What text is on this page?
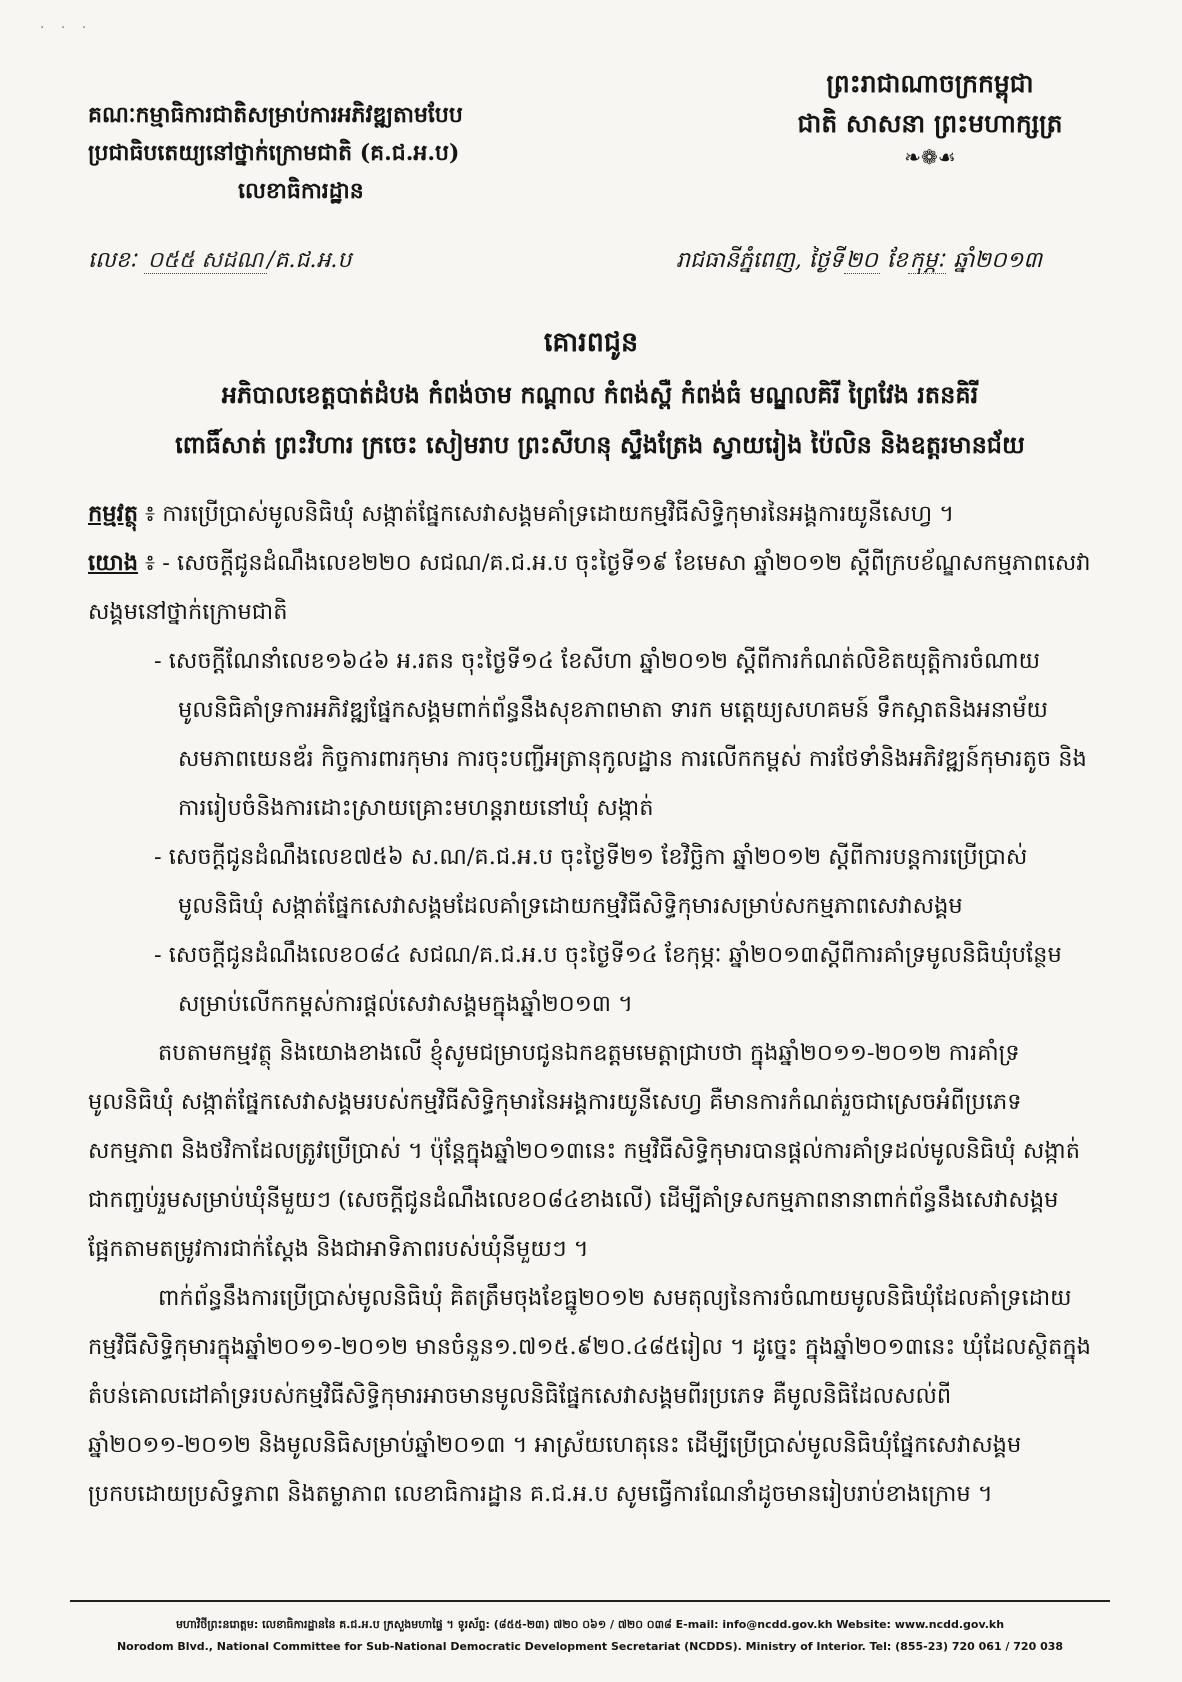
· · ·
ព្រះរាជាណាចក្រកម្ពុជា
ជាតិ សាសនា ព្រះមហាក្សត្រ
❧❁☙
គណៈកម្មាធិការជាតិសម្រាប់ការអភិវឌ្ឍតាមបែប
ប្រជាធិបតេយ្យនៅថ្នាក់ក្រោមជាតិ (គ.ជ.អ.ប)
លេខាធិការដ្ឋាន
លេខៈ ០៥៥ សដណ /គ.ជ.អ.ប	រាជធានីភ្នំពេញ, ថ្ងៃទី២០ ខែកុម្ភៈ ឆ្នាំ២០១៣
គោរពជូន
អភិបាលខេត្តបាត់ដំបង កំពង់ចាម កណ្តាល កំពង់ស្ពឺ កំពង់ធំ មណ្ឌលគិរី ព្រៃវែង រតនគិរី
ពោធិ៍សាត់ ព្រះវិហារ ក្រចេះ សៀមរាប ព្រះសីហនុ ស្ទឹងត្រែង ស្វាយរៀង ប៉ៃលិន និងឧត្តរមានជ័យ

កម្មវត្ថុ ៖ ការប្រើប្រាស់មូលនិធិឃុំ សង្កាត់ផ្នែកសេវាសង្គមគាំទ្រដោយកម្មវិធីសិទ្ធិកុមារនៃអង្គការយូនីសេហ្វ ។

យោង ៖ - សេចក្តីជូនដំណឹងលេខ២២០ សជណ/គ.ជ.អ.ប ចុះថ្ងៃទី១៩ ខែមេសា ឆ្នាំ២០១២ ស្តីពីក្របខ័ណ្ឌសកម្មភាពសេវាសង្គមនៅថ្នាក់ក្រោមជាតិ
- សេចក្តីណែនាំលេខ១៦៤៦ អ.រតន ចុះថ្ងៃទី១៤ ខែសីហា ឆ្នាំ២០១២ ស្តីពីការកំណត់លិខិតយុត្តិការចំណាយមូលនិធិគាំទ្រការអភិវឌ្ឍផ្នែកសង្គមពាក់ព័ន្ធនឹងសុខភាពមាតា ទារក មត្តេយ្យសហគមន៍ ទឹកស្អាតនិងអនាម័យ សមភាពយេនឌ័រ កិច្ចការពារកុមារ ការចុះបញ្ជីអត្រានុកូលដ្ឋាន ការលើកកម្ពស់ ការថែទាំនិងអភិវឌ្ឍន៍កុមារតូច និងការរៀបចំនិងការដោះស្រាយគ្រោះមហន្តរាយនៅឃុំ សង្កាត់
- សេចក្តីជូនដំណឹងលេខ៧៥៦ ស.ណ/គ.ជ.អ.ប ចុះថ្ងៃទី២១ ខែវិច្ឆិកា ឆ្នាំ២០១២ ស្តីពីការបន្តការប្រើប្រាស់មូលនិធិឃុំ សង្កាត់ផ្នែកសេវាសង្គមដែលគាំទ្រដោយកម្មវិធីសិទ្ធិកុមារសម្រាប់សកម្មភាពសេវាសង្គម
- សេចក្តីជូនដំណឹងលេខ០៨៤ សជណ/គ.ជ.អ.ប ចុះថ្ងៃទី១៤ ខែកុម្ភៈ ឆ្នាំ២០១៣ស្តីពីការគាំទ្រមូលនិធិឃុំបន្ថែមសម្រាប់លើកកម្ពស់ការផ្តល់សេវាសង្គមក្នុងឆ្នាំ២០១៣ ។

តបតាមកម្មវត្ថុ និងយោងខាងលើ ខ្ញុំសូមជម្រាបជូនឯកឧត្តមមេត្តាជ្រាបថា ក្នុងឆ្នាំ២០១១-២០១២ ការគាំទ្រមូលនិធិឃុំ សង្កាត់ផ្នែកសេវាសង្គមរបស់កម្មវិធីសិទ្ធិកុមារនៃអង្គការយូនីសេហ្វ គឺមានការកំណត់រួចជាស្រេចអំពីប្រភេទសកម្មភាព និងថវិកាដែលត្រូវប្រើប្រាស់ ។ ប៉ុន្តែក្នុងឆ្នាំ២០១៣នេះ កម្មវិធីសិទ្ធិកុមារបានផ្តល់ការគាំទ្រដល់មូលនិធិឃុំ សង្កាត់ ជាកញ្ចប់រួមសម្រាប់ឃុំនីមួយៗ (សេចក្តីជូនដំណឹងលេខ០៨៤ខាងលើ) ដើម្បីគាំទ្រសកម្មភាពនានាពាក់ព័ន្ធនឹងសេវាសង្គម ផ្អែកតាមតម្រូវការជាក់ស្តែង និងជាអាទិភាពរបស់ឃុំនីមួយៗ ។

ពាក់ព័ន្ធនឹងការប្រើប្រាស់មូលនិធិឃុំ គិតត្រឹមចុងខែធ្នូ២០១២ សមតុល្យនៃការចំណាយមូលនិធិឃុំដែលគាំទ្រដោយកម្មវិធីសិទ្ធិកុមារក្នុងឆ្នាំ២០១១-២០១២ មានចំនួន១.៧១៥.៩២០.៤៨៥រៀល ។ ដូច្នេះ ក្នុងឆ្នាំ២០១៣នេះ ឃុំដែលស្ថិតក្នុងតំបន់គោលដៅគាំទ្ររបស់កម្មវិធីសិទ្ធិកុមារអាចមានមូលនិធិផ្នែកសេវាសង្គមពីរប្រភេទ គឺមូលនិធិដែលសល់ពីឆ្នាំ២០១១-២០១២ និងមូលនិធិសម្រាប់ឆ្នាំ២០១៣ ។ អាស្រ័យហេតុនេះ ដើម្បីប្រើប្រាស់មូលនិធិឃុំផ្នែកសេវាសង្គមប្រកបដោយប្រសិទ្ធភាព និងតម្លាភាព លេខាធិការដ្ឋាន គ.ជ.អ.ប សូមធ្វើការណែនាំដូចមានរៀបរាប់ខាងក្រោម ។

មហាវិថីព្រះនរោត្តម: លេខាធិការដ្ឋាននៃ គ.ជ.អ.ប ក្រសួងមហាផ្ទៃ ។ ទូរស័ព្ទ: (៨៥៥-២៣) ៧២០ ០៦១ / ៧២០ ០៣៨ E-mail: info@ncdd.gov.kh Website: www.ncdd.gov.kh
Norodom Blvd., National Committee for Sub-National Democratic Development Secretariat (NCDDS). Ministry of Interior. Tel: (855-23) 720 061 / 720 038
